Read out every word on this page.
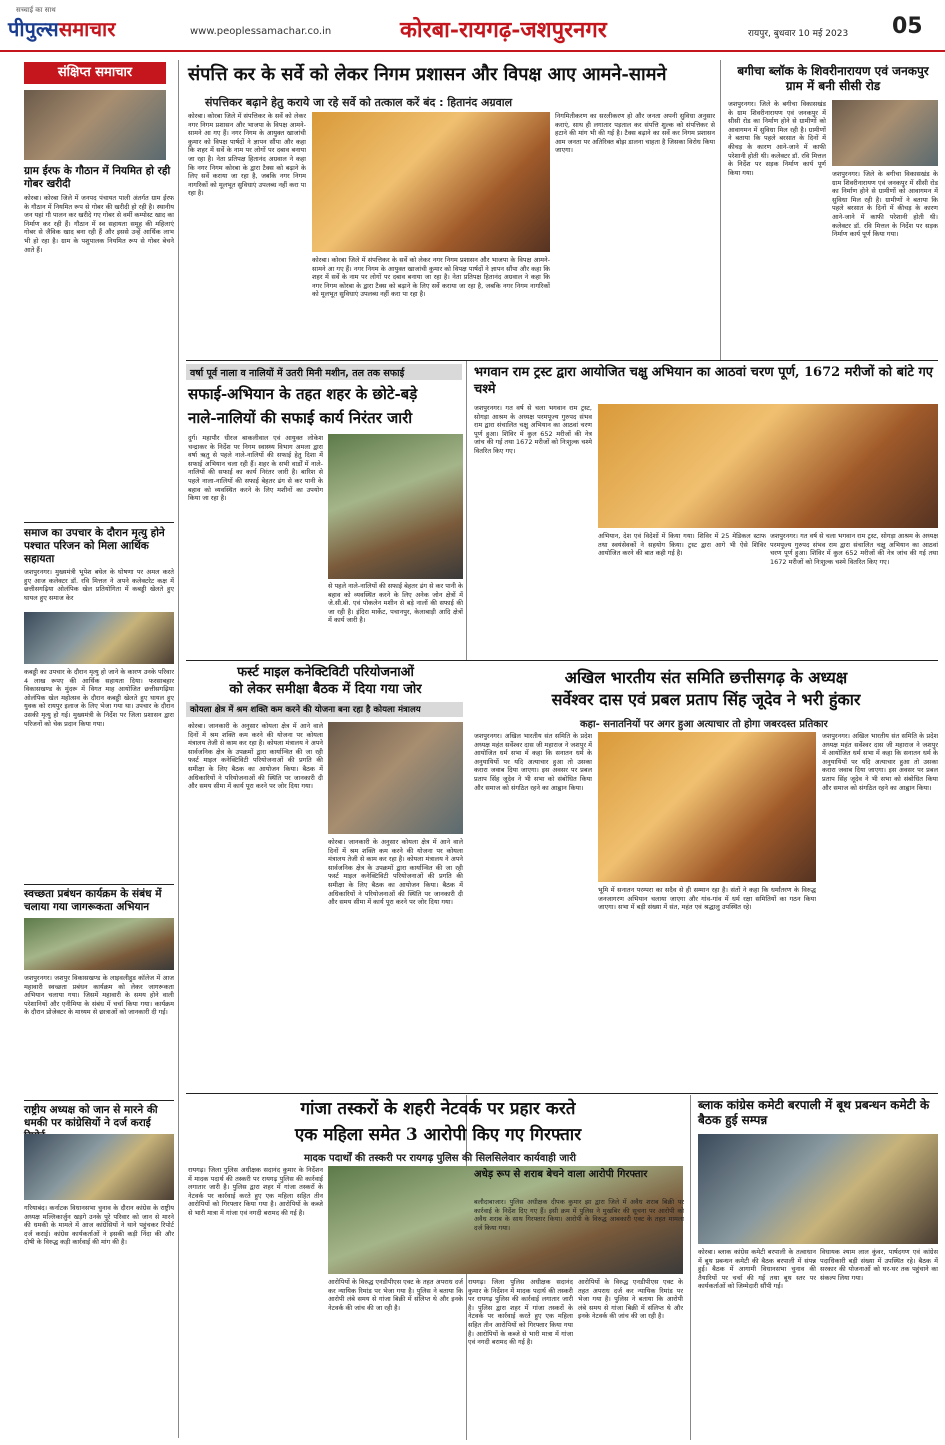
सच्चाई का साथ
पीपुल्ससमाचार	www.peoplessamachar.co.in	कोरबा-रायगढ़-जशपुरनगर	रायपुर, बुधवार 10 मई 2023 05
संक्षिप्त समाचार
ग्राम ईरफ के गौठान में नियमित हो रही गोबर खरीदी
कोरबा। कोरबा जिले में जनपद पंचायत पाली अंतर्गत ग्राम ईरफ के गौठान में नियमित रूप से गोबर की खरीदी हो रही है। स्थानीय जन यहां गौ पालन कर खरीदे गए गोबर से वर्मी कम्पोस्ट खाद का निर्माण कर रही हैं। गौठान में स्व सहायता समूह की महिलाएं गोबर से जैविक खाद बना रही हैं और इससे उन्हें आर्थिक लाभ भी हो रहा है। ग्राम के पशुपालक नियमित रूप से गोबर बेचने आते हैं।
समाज का उपचार के दौरान मृत्यु होने पश्चात परिजन को मिला आर्थिक सहायता
जशपुरनगर। मुख्यमंत्री भूपेश बघेल के घोषणा पर अमल करते हुए आज कलेक्टर डॉ. रवि मित्तल ने अपने कलेक्टरेट कक्ष में छत्तीसगढ़िया ओलंपिक खेल प्रतियोगिता में कबड्डी खेलते हुए घायल हुए समाज केर
कबड्डी का उपचार के दौरान मृत्यु हो जाने के कारण उनके परिवार 4 लाख रूपए की आर्थिक सहायता दिया। फरसाबहार विकासखण्ड के मुंदरू में विगत माह आयोजित छत्तीसगढ़िया ओलंपिक खेल महोत्सव के दौरान कबड्डी खेलते हुए घायल हुए युवक को रायपुर इलाज के लिए भेजा गया था। उपचार के दौरान उसकी मृत्यु हो गई। मुख्यमंत्री के निर्देश पर जिला प्रशासन द्वारा परिजनों को चेक प्रदान किया गया।
स्वच्छता प्रबंधन कार्यक्रम के संबंध में चलाया गया जागरूकता अभियान
जशपुरनगर। जशपुर विकासखण्ड के लाइवलीहुड कॉलेज में आज महावारी स्वच्छता प्रबंधन कार्यक्रम को लेकर जागरूकता अभियान चलाया गया। जिसमें महावारी के समय होने वाली परेशानियों और एनीमिया के संबंध में चर्चा किया गया। कार्यक्रम के दौरान प्रोजेक्टर के माध्यम से छात्राओं को जानकारी दी गई।
राष्ट्रीय अध्यक्ष को जान से मारने की धमकी पर कांग्रेसियों ने दर्ज कराई
गरियाबंद। कर्नाटक विधानसभा चुनाव के दौरान कांग्रेस के राष्ट्रीय अध्यक्ष मल्लिकार्जुन खड़गे उनके पूरे परिवार को जान से मारने की धमकी के मामले में आज कांग्रेसियों ने थाने पहुंचकर रिपोर्ट दर्ज कराई। कांग्रेस कार्यकर्ताओं ने इसकी कड़ी निंदा की और दोषी के विरुद्ध कड़ी कार्रवाई की मांग की है।
संपत्ति कर के सर्वे को लेकर निगम प्रशासन और विपक्ष आए आमने-सामने
संपत्तिकर बढ़ाने हेतु कराये जा रहे सर्वे को तत्काल करें बंद : हितानंद अग्रवाल
कोरबा। कोरबा जिले में संपत्तिकर के सर्वे को लेकर नगर निगम प्रशासन और भाजपा के विपक्ष आमने-सामने आ गए हैं। नगर निगम के आयुक्त खाजांची कुमार को विपक्ष पार्षदों ने ज्ञापन सौंपा और कहा कि शहर में सर्वे के नाम पर लोगों पर दबाव बनाया जा रहा है। नेता प्रतिपक्ष हितानंद अग्रवाल ने कहा कि नगर निगम कोरबा के द्वारा टैक्स को बढ़ाने के लिए सर्वे कराया जा रहा है, जबकि नगर निगम नागरिकों को मूलभूत सुविधाएं उपलब्ध नहीं करा पा रहा है।
कोरबा। कोरबा जिले में संपत्तिकर के सर्वे को लेकर नगर निगम प्रशासन और भाजपा के विपक्ष आमने-सामने आ गए हैं। नगर निगम के आयुक्त खाजांची कुमार को विपक्ष पार्षदों ने ज्ञापन सौंपा और कहा कि शहर में सर्वे के नाम पर लोगों पर दबाव बनाया जा रहा है। नेता प्रतिपक्ष हितानंद अग्रवाल ने कहा कि नगर निगम कोरबा के द्वारा टैक्स को बढ़ाने के लिए सर्वे कराया जा रहा है, जबकि नगर निगम नागरिकों को मूलभूत सुविधाएं उपलब्ध नहीं करा पा रहा है।
निगमितीकरण का सरलीकरण हो और जनता अपनी सुविधा अनुसार कराएं, साथ ही लगातार पड़ताल कर संपत्ति शुल्क को संपत्तिकर से हटाने की मांग भी की गई है। टैक्स बढ़ाने का सर्वे कर निगम प्रशासन आम जनता पर अतिरिक्त बोझ डालना चाहता है जिसका विरोध किया जाएगा।
बगीचा ब्लॉक के शिवरीनारायण एवं जनकपुर ग्राम में बनी सीसी रोड
जशपुरनगर। जिले के बगीचा विकासखंड के ग्राम शिवरीनारायण एवं जनकपुर में सीसी रोड का निर्माण होने से ग्रामीणों को आवागमन में सुविधा मिल रही है। ग्रामीणों ने बताया कि पहले बरसात के दिनों में कीचड़ के कारण आने-जाने में काफी परेशानी होती थी। कलेक्टर डॉ. रवि मित्तल के निर्देश पर सड़क निर्माण कार्य पूर्ण किया गया।	जशपुरनगर। जिले के बगीचा विकासखंड के ग्राम शिवरीनारायण एवं जनकपुर में सीसी रोड का निर्माण होने से ग्रामीणों को आवागमन में सुविधा मिल रही है। ग्रामीणों ने बताया कि पहले बरसात के दिनों में कीचड़ के कारण आने-जाने में काफी परेशानी होती थी। कलेक्टर डॉ. रवि मित्तल के निर्देश पर सड़क निर्माण कार्य पूर्ण किया गया।
वर्षा पूर्व नाला व नालियों में उतरी मिनी मशीन, तल तक सफाई
सफाई-अभियान के तहत शहर के छोटे-बड़े
नाले-नालियों की सफाई कार्य निरंतर जारी
दुर्ग। महापौर धीरज बाकलीवाल एवं आयुक्त लोकेश चन्द्राकर के निर्देश पर निगम स्वास्थ्य विभाग अमला द्वारा वर्षा ऋतु से पहले नाले-नालियों की सफाई हेतु दिशा में सफाई अभियान चला रही हैं। शहर के सभी वार्डों में नाले-नालियों की सफाई का कार्य निरंतर जारी है। बारिश से पहले नाला-नालियों की सफाई बेहतर ढंग से कर पानी के बहाव को व्यवस्थित करने के लिए मशीनों का उपयोग किया जा रहा है।
से पहले नाले-नालियों की सफाई बेहतर ढंग से कर पानी के बहाव को व्यवस्थित करने के लिए अनेक जोन क्षेत्रों में जे.सी.बी. एवं पोकलेन मशीन से बड़े नालों की सफाई की जा रही है। इंदिरा मार्केट, पचानपुर, केलाबाड़ी आदि क्षेत्रों में कार्य जारी है।
भगवान राम ट्रस्ट द्वारा आयोजित चक्षु अभियान का आठवां चरण पूर्ण, 1672 मरीजों को बांटे गए चश्मे
जशपुरनगर। गत वर्ष से चला भगवान राम ट्रस्ट, सोगड़ा आश्रम के अध्यक्ष परमपूज्य गुरुपद संभव राम द्वारा संचालित चक्षु अभियान का आठवां चरण पूर्ण हुआ। शिविर में कुल 652 मरीजों की नेत्र जांच की गई तथा 1672 मरीजों को निःशुल्क चश्मे वितरित किए गए।
अभियान, देश एवं विदेशों में किया गया। शिविर में 25 मेडिकल स्टाफ तथा स्वयंसेवकों ने सहयोग किया। ट्रस्ट द्वारा आगे भी ऐसे शिविर आयोजित करने की बात कही गई है।
जशपुरनगर। गत वर्ष से चला भगवान राम ट्रस्ट, सोगड़ा आश्रम के अध्यक्ष परमपूज्य गुरुपद संभव राम द्वारा संचालित चक्षु अभियान का आठवां चरण पूर्ण हुआ। शिविर में कुल 652 मरीजों की नेत्र जांच की गई तथा 1672 मरीजों को निःशुल्क चश्मे वितरित किए गए।
फर्स्ट माइल कनेक्टिविटी परियोजनाओं
को लेकर समीक्षा बैठक में दिया गया जोर
कोयला क्षेत्र में श्रम शक्ति कम करने की योजना बना रहा है कोयला मंत्रालय
कोरबा। जानकारी के अनुसार कोयला क्षेत्र में आने वाले दिनों में श्रम शक्ति कम करने की योजना पर कोयला मंत्रालय तेजी से काम कर रहा है। कोयला मंत्रालय ने अपने सार्वजनिक क्षेत्र के उपक्रमों द्वारा कार्यान्वित की जा रही फर्स्ट माइल कनेक्टिविटी परियोजनाओं की प्रगति की समीक्षा के लिए बैठक का आयोजन किया। बैठक में अधिकारियों ने परियोजनाओं की स्थिति पर जानकारी दी और समय सीमा में कार्य पूरा करने पर जोर दिया गया।
कोरबा। जानकारी के अनुसार कोयला क्षेत्र में आने वाले दिनों में श्रम शक्ति कम करने की योजना पर कोयला मंत्रालय तेजी से काम कर रहा है। कोयला मंत्रालय ने अपने सार्वजनिक क्षेत्र के उपक्रमों द्वारा कार्यान्वित की जा रही फर्स्ट माइल कनेक्टिविटी परियोजनाओं की प्रगति की समीक्षा के लिए बैठक का आयोजन किया। बैठक में अधिकारियों ने परियोजनाओं की स्थिति पर जानकारी दी और समय सीमा में कार्य पूरा करने पर जोर दिया गया।
अखिल भारतीय संत समिति छत्तीसगढ़ के अध्यक्ष
सर्वेश्वर दास एवं प्रबल प्रताप सिंह जूदेव ने भरी हुंकार
कहा- सनातनियों पर अगर हुआ अत्याचार तो होगा जबरदस्त प्रतिकार
जशपुरनगर। अखिल भारतीय संत समिति के प्रदेश अध्यक्ष महंत सर्वेश्वर दास जी महाराज ने जशपुर में आयोजित धर्म सभा में कहा कि सनातन धर्म के अनुयायियों पर यदि अत्याचार हुआ तो उसका करारा जवाब दिया जाएगा। इस अवसर पर प्रबल प्रताप सिंह जूदेव ने भी सभा को संबोधित किया और समाज को संगठित रहने का आह्वान किया।
भूमि में सनातन परम्परा का सदैव से ही सम्मान रहा है। संतों ने कहा कि धर्मांतरण के विरुद्ध जनजागरण अभियान चलाया जाएगा और गांव-गांव में धर्म रक्षा समितियों का गठन किया जाएगा। सभा में बड़ी संख्या में संत, महंत एवं श्रद्धालु उपस्थित रहे।
जशपुरनगर। अखिल भारतीय संत समिति के प्रदेश अध्यक्ष महंत सर्वेश्वर दास जी महाराज ने जशपुर में आयोजित धर्म सभा में कहा कि सनातन धर्म के अनुयायियों पर यदि अत्याचार हुआ तो उसका करारा जवाब दिया जाएगा। इस अवसर पर प्रबल प्रताप सिंह जूदेव ने भी सभा को संबोधित किया और समाज को संगठित रहने का आह्वान किया।
गांजा तस्करों के शहरी नेटवर्क पर प्रहार करते
एक महिला समेत 3 आरोपी किए गए गिरफ्तार
मादक पदार्थों की तस्करी पर रायगढ़ पुलिस की सिलसिलेवार कार्यवाही जारी
रायगढ़। जिला पुलिस अधीक्षक सदानंद कुमार के निर्देशन में मादक पदार्थ की तस्करी पर रायगढ़ पुलिस की कार्रवाई लगातार जारी है। पुलिस द्वारा शहर में गांजा तस्करों के नेटवर्क पर कार्रवाई करते हुए एक महिला सहित तीन आरोपियों को गिरफ्तार किया गया है। आरोपियों के कब्जे से भारी मात्रा में गांजा एवं नगदी बरामद की गई है।
आरोपियों के विरुद्ध एनडीपीएस एक्ट के तहत अपराध दर्ज कर न्यायिक रिमांड पर भेजा गया है। पुलिस ने बताया कि आरोपी लंबे समय से गांजा बिक्री में संलिप्त थे और इनके नेटवर्क की जांच की जा रही है।
रायगढ़। जिला पुलिस अधीक्षक सदानंद कुमार के निर्देशन में मादक पदार्थ की तस्करी पर रायगढ़ पुलिस की कार्रवाई लगातार जारी है। पुलिस द्वारा शहर में गांजा तस्करों के नेटवर्क पर कार्रवाई करते हुए एक महिला सहित तीन आरोपियों को गिरफ्तार किया गया है। आरोपियों के कब्जे से भारी मात्रा में गांजा एवं नगदी बरामद की गई है।
आरोपियों के विरुद्ध एनडीपीएस एक्ट के तहत अपराध दर्ज कर न्यायिक रिमांड पर भेजा गया है। पुलिस ने बताया कि आरोपी लंबे समय से गांजा बिक्री में संलिप्त थे और इनके नेटवर्क की जांच की जा रही है।
अधेड़ रूप से शराब बेचने वाला आरोपी गिरफ्तार
बलौदाबाजार। पुलिस अधीक्षक दीपक कुमार झा द्वारा जिले में अवैध शराब बिक्री पर कार्रवाई के निर्देश दिए गए हैं। इसी क्रम में पुलिस ने मुखबिर की सूचना पर आरोपी को अवैध शराब के साथ गिरफ्तार किया। आरोपी के विरुद्ध आबकारी एक्ट के तहत मामला दर्ज किया गया।
ब्लाक कांग्रेस कमेटी बरपाली में बूथ प्रबन्धन कमेटी के बैठक हुई सम्पन्न
कोरबा। ब्लाक कांग्रेस कमेटी बरपाली के तत्वाधान में बूथ प्रबन्धन कमेटी की बैठक बरपाली में संपन्न हुई। बैठक में आगामी विधानसभा चुनाव की तैयारियों पर चर्चा की गई तथा बूथ स्तर पर कार्यकर्ताओं को जिम्मेदारी सौंपी गई।
विधायक श्याम लाल कुंवर, पार्षदगण एवं कांग्रेस पदाधिकारी बड़ी संख्या में उपस्थित रहे। बैठक में सरकार की योजनाओं को घर-घर तक पहुंचाने का संकल्प लिया गया।
